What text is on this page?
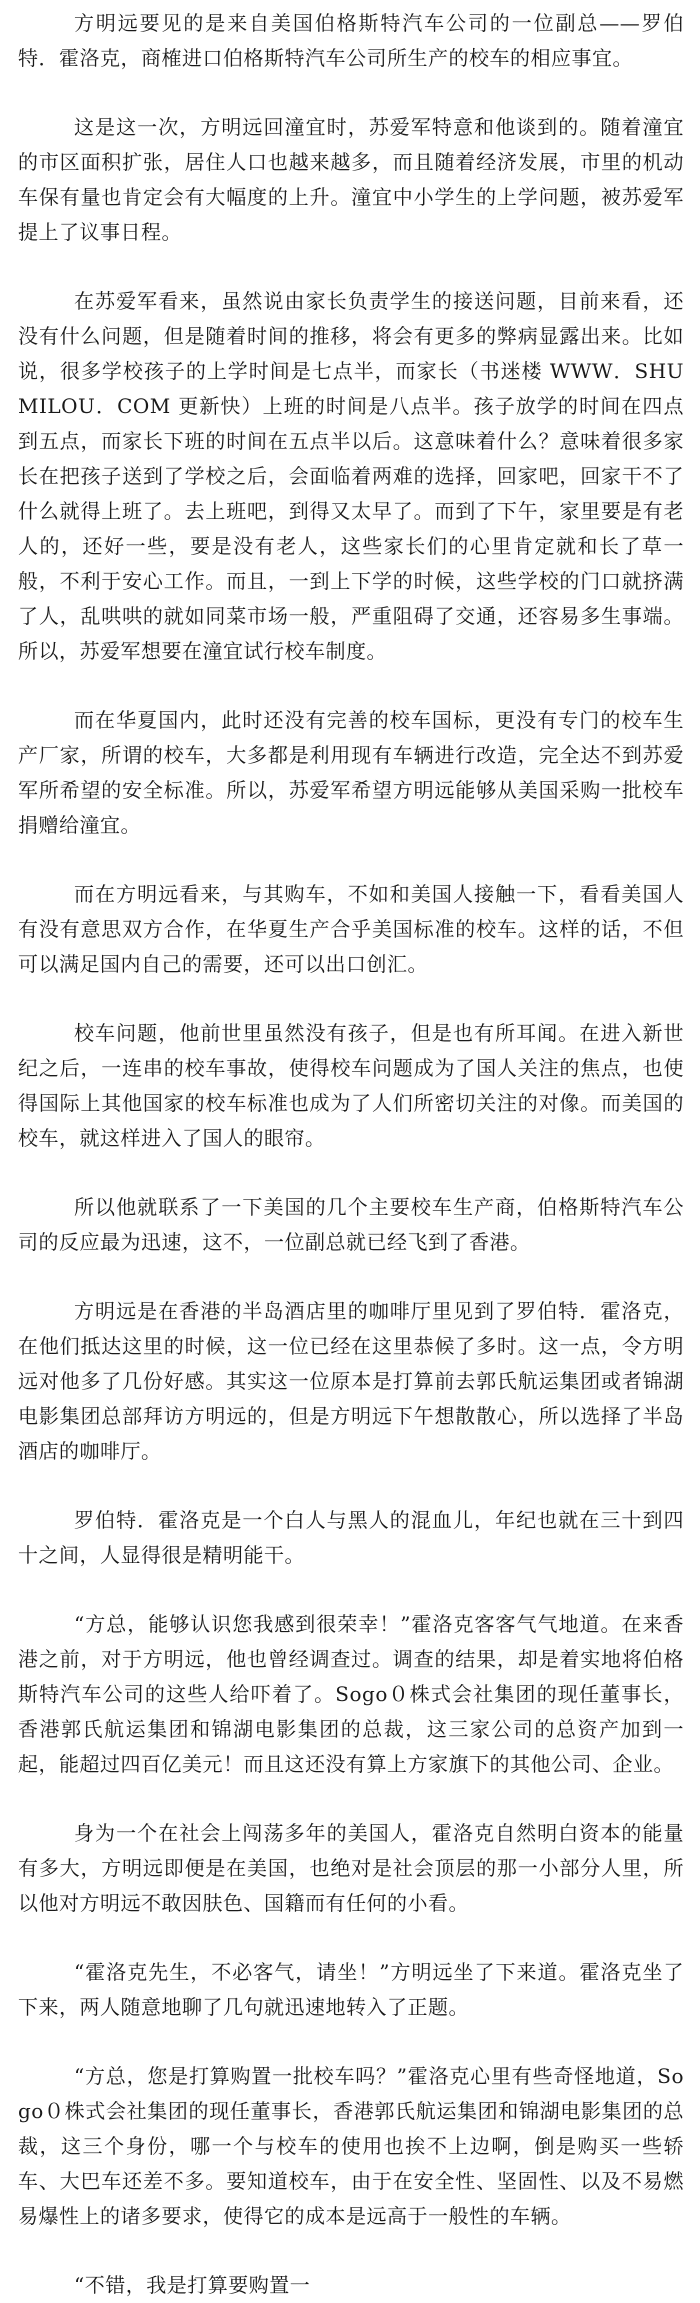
方明远要见的是来自美国伯格斯特汽车公司的一位副总——罗伯特．霍洛克，商榷进口伯格斯特汽车公司所生产的校车的相应事宜。

这是这一次，方明远回潼宜时，苏爱军特意和他谈到的。随着潼宜的市区面积扩张，居住人口也越来越多，而且随着经济发展，市里的机动车保有量也肯定会有大幅度的上升。潼宜中小学生的上学问题，被苏爱军提上了议事日程。

在苏爱军看来，虽然说由家长负责学生的接送问题，目前来看，还没有什么问题，但是随着时间的推移，将会有更多的弊病显露出来。比如说，很多学校孩子的上学时间是七点半，而家长（书迷楼 WWW．SHUMILOU．COM 更新快）上班的时间是八点半。孩子放学的时间在四点到五点，而家长下班的时间在五点半以后。这意味着什么？意味着很多家长在把孩子送到了学校之后，会面临着两难的选择，回家吧，回家干不了什么就得上班了。去上班吧，到得又太早了。而到了下午，家里要是有老人的，还好一些，要是没有老人，这些家长们的心里肯定就和长了草一般，不利于安心工作。而且，一到上下学的时候，这些学校的门口就挤满了人，乱哄哄的就如同菜市场一般，严重阻碍了交通，还容易多生事端。所以，苏爱军想要在潼宜试行校车制度。

而在华夏国内，此时还没有完善的校车国标，更没有专门的校车生产厂家，所谓的校车，大多都是利用现有车辆进行改造，完全达不到苏爱军所希望的安全标准。所以，苏爱军希望方明远能够从美国采购一批校车捐赠给潼宜。

而在方明远看来，与其购车，不如和美国人接触一下，看看美国人有没有意思双方合作，在华夏生产合乎美国标准的校车。这样的话，不但可以满足国内自己的需要，还可以出口创汇。

校车问题，他前世里虽然没有孩子，但是也有所耳闻。在进入新世纪之后，一连串的校车事故，使得校车问题成为了国人关注的焦点，也使得国际上其他国家的校车标准也成为了人们所密切关注的对像。而美国的校车，就这样进入了国人的眼帘。

所以他就联系了一下美国的几个主要校车生产商，伯格斯特汽车公司的反应最为迅速，这不，一位副总就已经飞到了香港。

方明远是在香港的半岛酒店里的咖啡厅里见到了罗伯特．霍洛克，在他们抵达这里的时候，这一位已经在这里恭候了多时。这一点，令方明远对他多了几份好感。其实这一位原本是打算前去郭氏航运集团或者锦湖电影集团总部拜访方明远的，但是方明远下午想散散心，所以选择了半岛酒店的咖啡厅。

罗伯特．霍洛克是一个白人与黑人的混血儿，年纪也就在三十到四十之间，人显得很是精明能干。

“方总，能够认识您我感到很荣幸！”霍洛克客客气气地道。在来香港之前，对于方明远，他也曾经调查过。调查的结果，却是着实地将伯格斯特汽车公司的这些人给吓着了。Sogo０株式会社集团的现任董事长，香港郭氏航运集团和锦湖电影集团的总裁，这三家公司的总资产加到一起，能超过四百亿美元！而且这还没有算上方家旗下的其他公司、企业。

身为一个在社会上闯荡多年的美国人，霍洛克自然明白资本的能量有多大，方明远即便是在美国，也绝对是社会顶层的那一小部分人里，所以他对方明远不敢因肤色、国籍而有任何的小看。

“霍洛克先生，不必客气，请坐！”方明远坐了下来道。霍洛克坐了下来，两人随意地聊了几句就迅速地转入了正题。

“方总，您是打算购置一批校车吗？”霍洛克心里有些奇怪地道，Sogo０株式会社集团的现任董事长，香港郭氏航运集团和锦湖电影集团的总裁，这三个身份，哪一个与校车的使用也挨不上边啊，倒是购买一些轿车、大巴车还差不多。要知道校车，由于在安全性、坚固性、以及不易燃易爆性上的诸多要求，使得它的成本是远高于一般性的车辆。

“不错，我是打算要购置一
